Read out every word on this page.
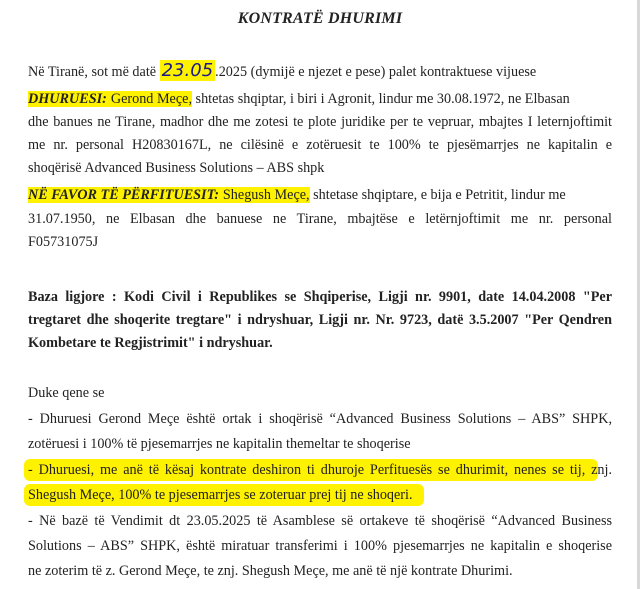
KONTRATË DHURIMI
Në Tiranë, sot më datë 23.05 .2025 (dymijë e njezet e pese) palet kontraktuese vijuese
DHURUESI: Gerond Meçe, shtetas shqiptar, i biri i Agronit, lindur me 30.08.1972, ne Elbasan
dhe banues ne Tirane, madhor dhe me zotesi te plote juridike per te vepruar, mbajtes I leternjoftimit
me nr. personal H20830167L, ne cilësinë e zotëruesit te 100% te pjesëmarrjes ne kapitalin e
shoqërisë Advanced Business Solutions – ABS shpk
NË FAVOR TË PËRFITUESIT: Shegush Meçe, shtetase shqiptare, e bija e Petritit, lindur me
31.07.1950, ne Elbasan dhe banuese ne Tirane, mbajtëse e letërnjoftimit me nr. personal
F05731075J
Baza ligjore : Kodi Civil i Republikes se Shqiperise, Ligji nr. 9901, date 14.04.2008 "Per
tregtaret dhe shoqerite tregtare" i ndryshuar, Ligji nr. Nr. 9723, datë 3.5.2007 "Per Qendren
Kombetare te Regjistrimit" i ndryshuar.
Duke qene se
- Dhuruesi Gerond Meçe është ortak i shoqërisë “Advanced Business Solutions – ABS” SHPK,
zotëruesi i 100% të pjesemarrjes ne kapitalin themeltar te shoqerise
- Dhuruesi, me anë të kësaj kontrate deshiron ti dhuroje Perfituesës se dhurimit, nenes se tij, znj.
Shegush Meçe, 100% te pjesemarrjes se zoteruar prej tij ne shoqeri.
- Në bazë të Vendimit dt 23.05.2025 të Asamblese së ortakeve të shoqërisë “Advanced Business
Solutions – ABS” SHPK, është miratuar transferimi i 100% pjesemarrjes ne kapitalin e shoqerise
ne zoterim të z. Gerond Meçe, te znj. Shegush Meçe, me anë të një kontrate Dhurimi.
